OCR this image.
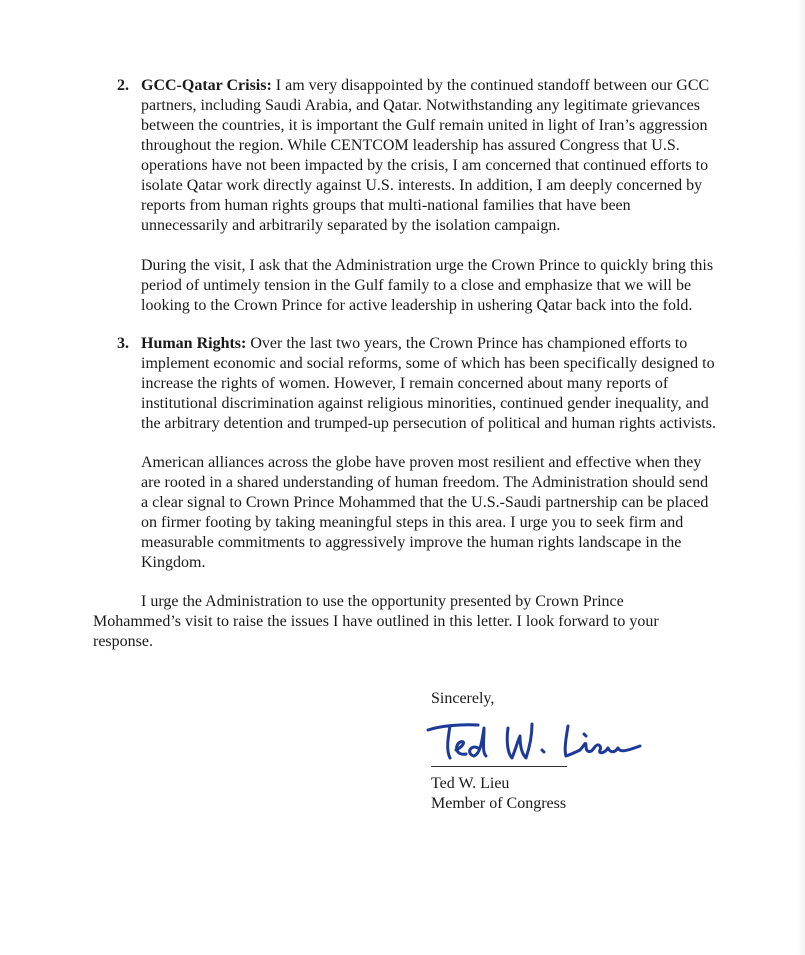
2. GCC-Qatar Crisis: I am very disappointed by the continued standoff between our GCC
partners, including Saudi Arabia, and Qatar. Notwithstanding any legitimate grievances
between the countries, it is important the Gulf remain united in light of Iran’s aggression
throughout the region. While CENTCOM leadership has assured Congress that U.S.
operations have not been impacted by the crisis, I am concerned that continued efforts to
isolate Qatar work directly against U.S. interests. In addition, I am deeply concerned by
reports from human rights groups that multi-national families that have been
unnecessarily and arbitrarily separated by the isolation campaign.
During the visit, I ask that the Administration urge the Crown Prince to quickly bring this
period of untimely tension in the Gulf family to a close and emphasize that we will be
looking to the Crown Prince for active leadership in ushering Qatar back into the fold.
3. Human Rights: Over the last two years, the Crown Prince has championed efforts to
implement economic and social reforms, some of which has been specifically designed to
increase the rights of women. However, I remain concerned about many reports of
institutional discrimination against religious minorities, continued gender inequality, and
the arbitrary detention and trumped-up persecution of political and human rights activists.
American alliances across the globe have proven most resilient and effective when they
are rooted in a shared understanding of human freedom. The Administration should send
a clear signal to Crown Prince Mohammed that the U.S.-Saudi partnership can be placed
on firmer footing by taking meaningful steps in this area. I urge you to seek firm and
measurable commitments to aggressively improve the human rights landscape in the
Kingdom.
I urge the Administration to use the opportunity presented by Crown Prince
Mohammed’s visit to raise the issues I have outlined in this letter. I look forward to your
response.
Sincerely,
Ted W. Lieu
Member of Congress
